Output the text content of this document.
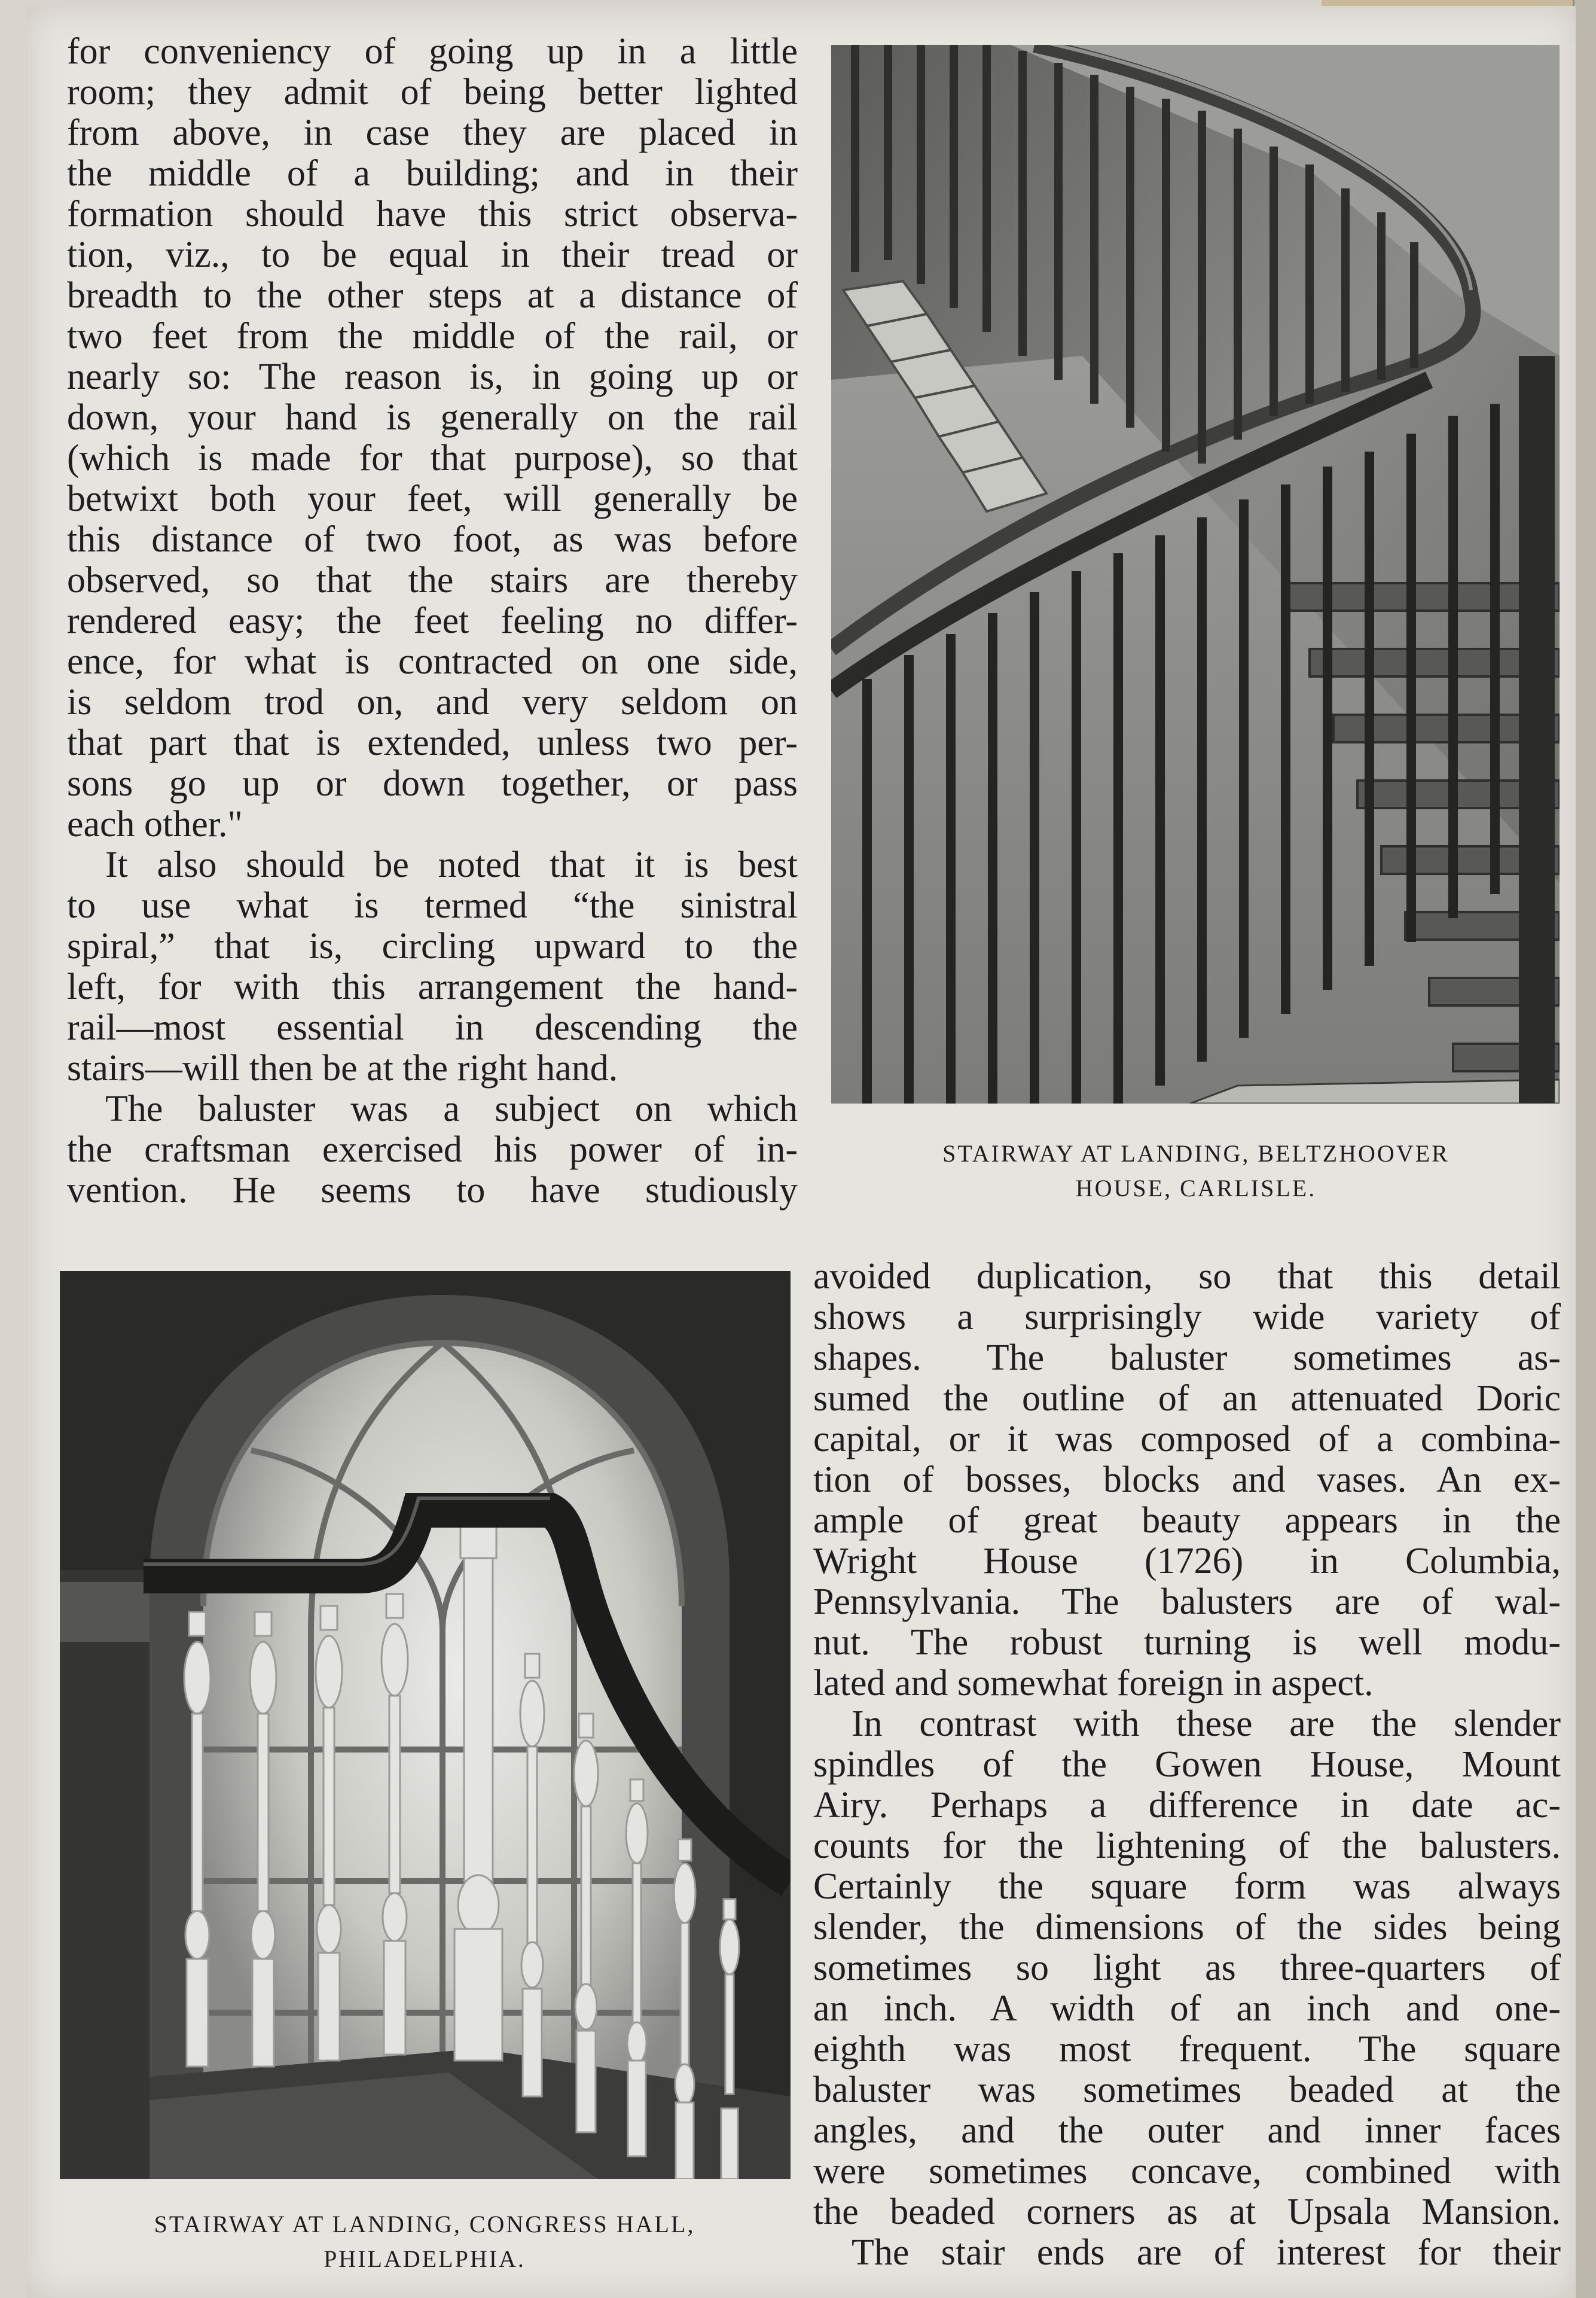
for conveniency of going up in a little
room; they admit of being better lighted
from above, in case they are placed in
the middle of a building; and in their
formation should have this strict observa-
tion, viz., to be equal in their tread or
breadth to the other steps at a distance of
two feet from the middle of the rail, or
nearly so: The reason is, in going up or
down, your hand is generally on the rail
(which is made for that purpose), so that
betwixt both your feet, will generally be
this distance of two foot, as was before
observed, so that the stairs are thereby
rendered easy; the feet feeling no differ-
ence, for what is contracted on one side,
is seldom trod on, and very seldom on
that part that is extended, unless two per-
sons go up or down together, or pass
each other."
It also should be noted that it is best
to use what is termed “the sinistral
spiral,” that is, circling upward to the
left, for with this arrangement the hand-
rail—most essential in descending the
stairs—will then be at the right hand.
The baluster was a subject on which
the craftsman exercised his power of in-
vention. He seems to have studiously
STAIRWAY AT LANDING, BELTZHOOVER
HOUSE, CARLISLE.
STAIRWAY AT LANDING, CONGRESS HALL,
PHILADELPHIA.
avoided duplication, so that this detail
shows a surprisingly wide variety of
shapes. The baluster sometimes as-
sumed the outline of an attenuated Doric
capital, or it was composed of a combina-
tion of bosses, blocks and vases. An ex-
ample of great beauty appears in the
Wright House (1726) in Columbia,
Pennsylvania. The balusters are of wal-
nut. The robust turning is well modu-
lated and somewhat foreign in aspect.
In contrast with these are the slender
spindles of the Gowen House, Mount
Airy. Perhaps a difference in date ac-
counts for the lightening of the balusters.
Certainly the square form was always
slender, the dimensions of the sides being
sometimes so light as three-quarters of
an inch. A width of an inch and one-
eighth was most frequent. The square
baluster was sometimes beaded at the
angles, and the outer and inner faces
were sometimes concave, combined with
the beaded corners as at Upsala Mansion.
The stair ends are of interest for their
